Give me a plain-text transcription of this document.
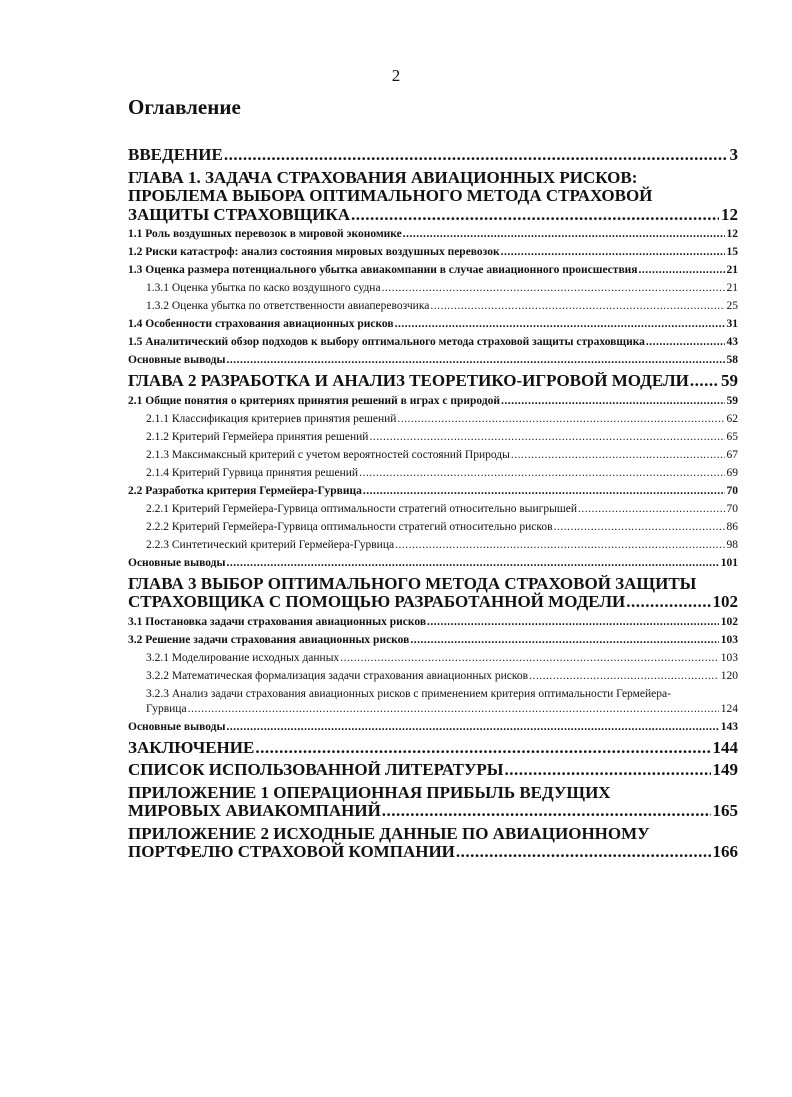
2
Оглавление
ВВЕДЕНИЕ .....	3
ГЛАВА 1. ЗАДАЧА СТРАХОВАНИЯ АВИАЦИОННЫХ РИСКОВ: ПРОБЛЕМА ВЫБОРА ОПТИМАЛЬНОГО МЕТОДА СТРАХОВОЙ ЗАЩИТЫ СТРАХОВЩИКА .....	12
1.1 Роль воздушных перевозок в мировой экономике .....	12
1.2 Риски катастроф: анализ состояния мировых воздушных перевозок .....	15
1.3 Оценка размера потенциального убытка авиакомпании в случае авиационного происшествия .....	21
1.3.1 Оценка убытка по каско воздушного судна .....	21
1.3.2 Оценка убытка по ответственности авиаперевозчика .....	25
1.4 Особенности страхования авиационных рисков .....	31
1.5 Аналитический обзор подходов к выбору оптимального метода страховой защиты страховщика .....	43
Основные выводы .....	58
ГЛАВА 2 РАЗРАБОТКА И АНАЛИЗ ТЕОРЕТИКО-ИГРОВОЙ МОДЕЛИ ..... 59
2.1 Общие понятия о критериях принятия решений в играх с природой .....	59
2.1.1 Классификация критериев принятия решений .....	62
2.1.2 Критерий Гермейера принятия решений .....	65
2.1.3 Максимаксный критерий с учетом вероятностей состояний Природы .....	67
2.1.4 Критерий Гурвица принятия решений .....	69
2.2 Разработка критерия Гермейера-Гурвица .....	70
2.2.1 Критерий Гермейера-Гурвица оптимальности стратегий относительно выигрышей .....	70
2.2.2 Критерий Гермейера-Гурвица оптимальности стратегий относительно рисков .....	86
2.2.3 Синтетический критерий Гермейера-Гурвица .....	98
Основные выводы .....	101
ГЛАВА 3 ВЫБОР ОПТИМАЛЬНОГО МЕТОДА СТРАХОВОЙ ЗАЩИТЫ СТРАХОВЩИКА С ПОМОЩЬЮ РАЗРАБОТАННОЙ МОДЕЛИ .....	102
3.1 Постановка задачи страхования авиационных рисков .....	102
3.2 Решение задачи страхования авиационных рисков .....	103
3.2.1 Моделирование исходных данных .....	103
3.2.2 Математическая формализация задачи страхования авиационных рисков .....	120
3.2.3 Анализ задачи страхования авиационных рисков с применением критерия оптимальности Гермейера-Гурвица .....	124
Основные выводы .....	143
ЗАКЛЮЧЕНИЕ .....	144
СПИСОК ИСПОЛЬЗОВАННОЙ ЛИТЕРАТУРЫ .....	149
ПРИЛОЖЕНИЕ 1 ОПЕРАЦИОННАЯ ПРИБЫЛЬ ВЕДУЩИХ МИРОВЫХ АВИАКОМПАНИЙ .....	165
ПРИЛОЖЕНИЕ 2 ИСХОДНЫЕ ДАННЫЕ ПО АВИАЦИОННОМУ ПОРТФЕЛЮ СТРАХОВОЙ КОМПАНИИ .....	166
